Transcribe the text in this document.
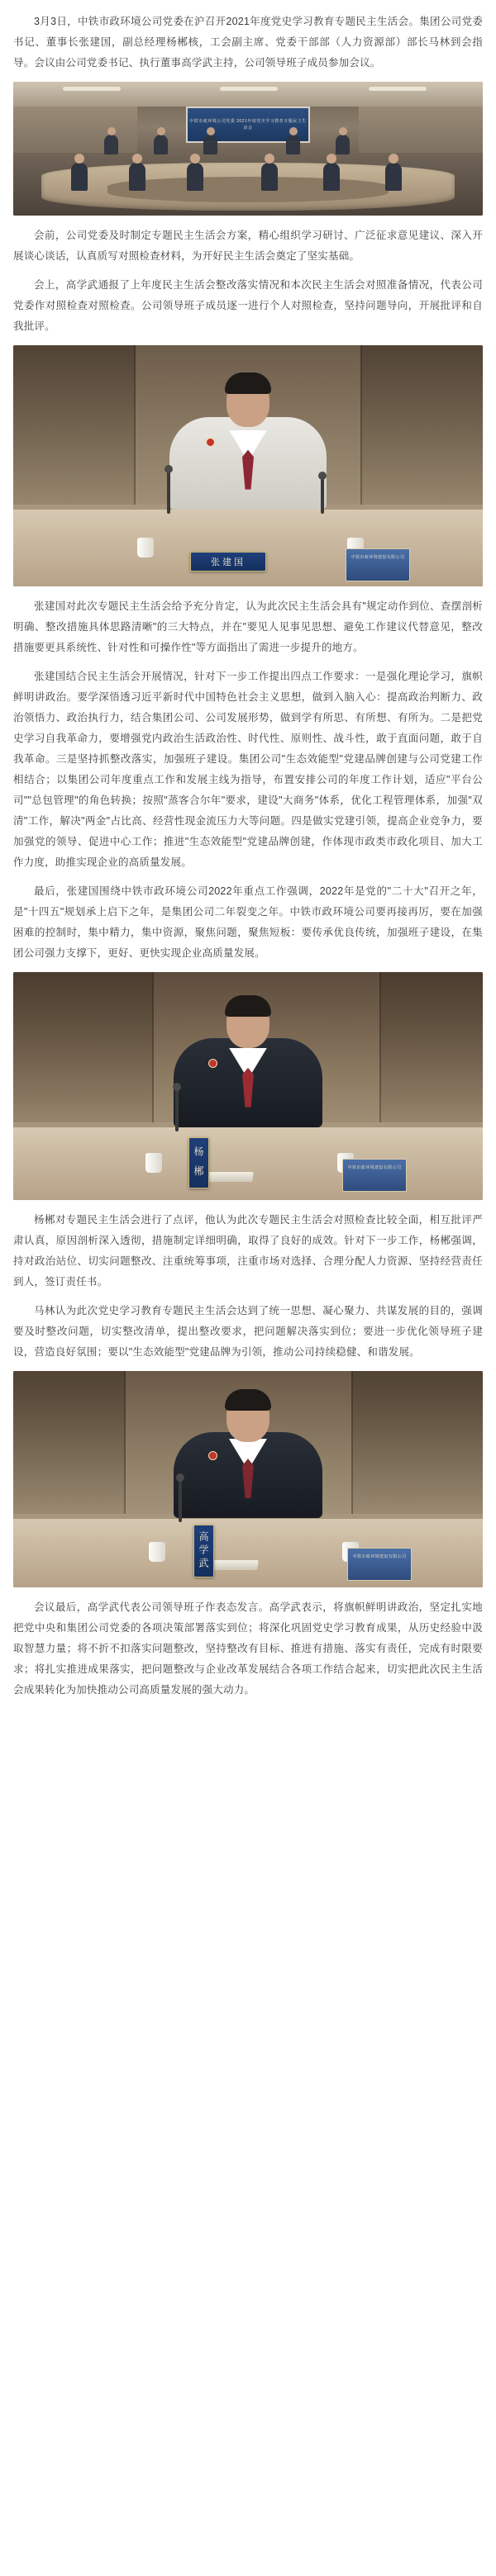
3月3日，中铁市政环境公司党委在沪召开2021年度党史学习教育专题民主生活会。集团公司党委书记、董事长张建国，副总经理杨郴核，工会副主席、党委干部部（人力资源部）部长马林到会指导。会议由公司党委书记、执行董事高学武主持，公司领导班子成员参加会议。

中铁市政环境公司党委 2021年度党史学习教育专题民主生活会

会前，公司党委及时制定专题民主生活会方案，精心组织学习研讨、广泛征求意见建议、深入开展谈心谈话，认真质写对照检查材料，为开好民主生活会奠定了坚实基础。

会上，高学武通报了上年度民主生活会整改落实情况和本次民主生活会对照准备情况，代表公司党委作对照检查对照检查。公司领导班子成员逐一进行个人对照检查，坚持问题导向，开展批评和自我批评。

中铁市政环境建设有限公司
张建国

张建国对此次专题民主生活会给予充分肯定，认为此次民主生活会具有"规定动作到位、查摆剖析明确、整改措施具体思路清晰"的三大特点，并在"要见人见事见思想、避免工作建议代替意见，整改措施要更具系统性、针对性和可操作性"等方面指出了需进一步提升的地方。

张建国结合民主生活会开展情况，针对下一步工作提出四点工作要求：一是强化理论学习，旗帜鲜明讲政治。要学深悟透习近平新时代中国特色社会主义思想，做到入脑入心：提高政治判断力、政治领悟力、政治执行力，结合集团公司、公司发展形势，做到学有所思、有所想、有所为。二是把党史学习自我革命力，要增强党内政治生活政治性、时代性、原则性、战斗性，敢于直面问题，敢于自我革命。三是坚持抓整改落实，加强班子建设。集团公司"生态效能型"党建品牌创建与公司党建工作相结合；以集团公司年度重点工作和发展主线为指导，布置安排公司的年度工作计划，适应"平台公司""总包管理"的角色转换；按照"蒸客合尔年"要求，建设"大商务"体系，优化工程管理体系，加强"双清"工作，解决"两金"占比高、经营性现金流压力大等问题。四是做实党建引领，提高企业竞争力，要加强党的领导、促进中心工作；推进"生态效能型"党建品牌创建，作体现市政类市政化项目、加大工作力度，助推实现企业的高质量发展。

最后，张建国围绕中铁市政环境公司2022年重点工作强调，2022年是党的"二十大"召开之年，是"十四五"规划承上启下之年，是集团公司二年裂变之年。中铁市政环境公司要再接再厉，要在加强困难的控制时，集中精力，集中资源，聚焦问题，聚焦短板：要传承优良传统，加强班子建设，在集团公司强力支撑下，更好、更快实现企业高质量发展。

中铁市政环境建设有限公司
杨 郴

杨郴对专题民主生活会进行了点评，他认为此次专题民主生活会对照检查比较全面，相互批评严肃认真，原因剖析深入透彻，措施制定详细明确，取得了良好的成效。针对下一步工作，杨郴强调，持对政治站位、切实问题整改、注重统筹事项，注重市场对选择、合理分配人力资源、坚持经营责任到人，签订责任书。

马林认为此次党史学习教育专题民主生活会达到了统一思想、凝心聚力、共谋发展的目的，强调要及时整改问题，切实整改清单，提出整改要求，把问题解决落实到位；要进一步优化领导班子建设，营造良好氛围；要以"生态效能型"党建品牌为引领，推动公司持续稳健、和谐发展。

中铁市政环境建设有限公司
高学武

会议最后，高学武代表公司领导班子作表态发言。高学武表示，将旗帜鲜明讲政治，坚定扎实地把党中央和集团公司党委的各项决策部署落实到位；将深化巩固党史学习教育成果，从历史经验中汲取智慧力量；将不折不扣落实问题整改，坚持整改有目标、推进有措施、落实有责任，完成有时限要求；将扎实推进成果落实，把问题整改与企业改革发展结合各项工作结合起来，切实把此次民主生活会成果转化为加快推动公司高质量发展的强大动力。
